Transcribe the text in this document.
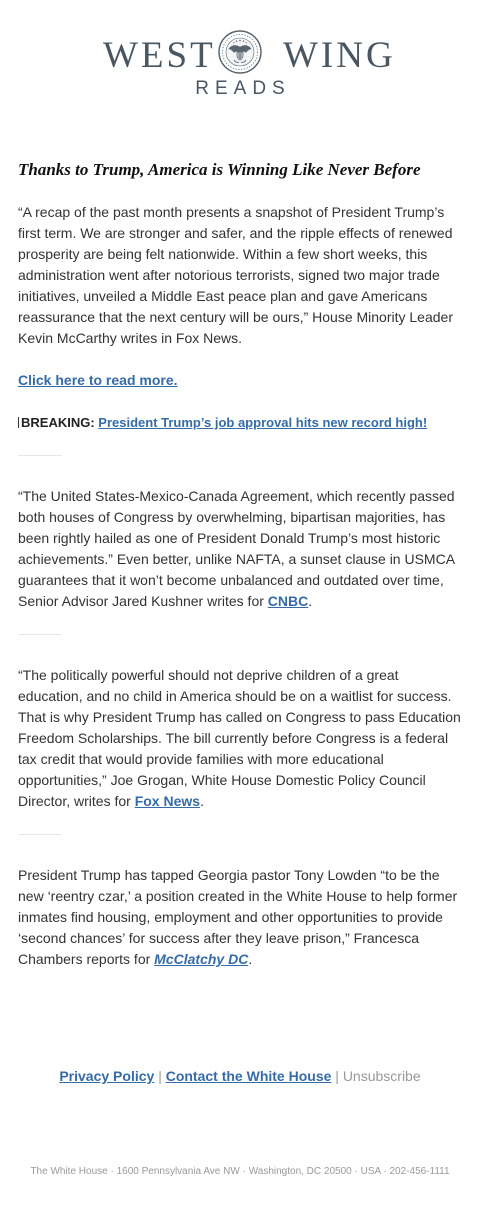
WEST WING
READS
Thanks to Trump, America is Winning Like Never Before

“A recap of the past month presents a snapshot of President Trump’s first term. We are stronger and safer, and the ripple effects of renewed prosperity are being felt nationwide. Within a few short weeks, this administration went after notorious terrorists, signed two major trade initiatives, unveiled a Middle East peace plan and gave Americans reassurance that the next century will be ours,” House Minority Leader Kevin McCarthy writes in Fox News.

Click here to read more.
BREAKING: President Trump’s job approval hits new record high!

“The United States-Mexico-Canada Agreement, which recently passed both houses of Congress by overwhelming, bipartisan majorities, has been rightly hailed as one of President Donald Trump’s most historic achievements.” Even better, unlike NAFTA, a sunset clause in USMCA guarantees that it won’t become unbalanced and outdated over time, Senior Advisor Jared Kushner writes for CNBC.

“The politically powerful should not deprive children of a great education, and no child in America should be on a waitlist for success. That is why President Trump has called on Congress to pass Education Freedom Scholarships. The bill currently before Congress is a federal tax credit that would provide families with more educational opportunities,” Joe Grogan, White House Domestic Policy Council Director, writes for Fox News.

President Trump has tapped Georgia pastor Tony Lowden “to be the new ‘reentry czar,’ a position created in the White House to help former inmates find housing, employment and other opportunities to provide ‘second chances’ for success after they leave prison,” Francesca Chambers reports for McClatchy DC.

Privacy Policy | Contact the White House | Unsubscribe
The White House · 1600 Pennsylvania Ave NW · Washington, DC 20500 · USA · 202-456-1111
